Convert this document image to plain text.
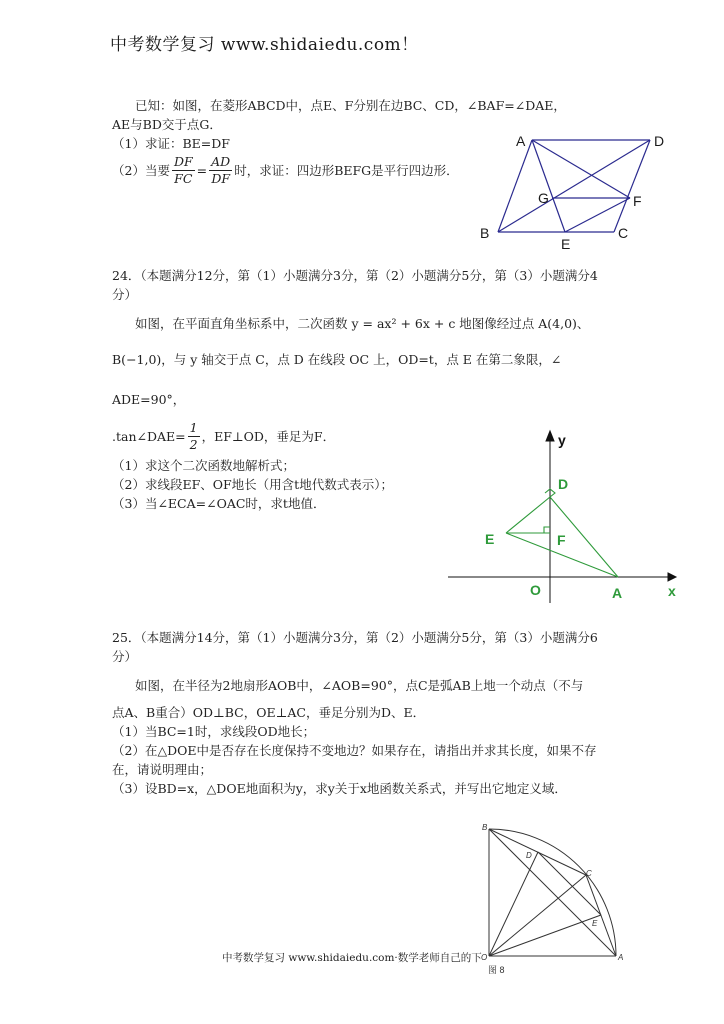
中考数学复习 www.shidaiedu.com！
已知：如图，在菱形ABCD中，点E、F分别在边BC、CD，∠BAF=∠DAE，
AE与BD交于点G．
（1）求证：BE=DF
（2）当要 $\frac{DF}{FC} = \frac{AD}{DF}$ 时，求证：四边形BEFG是平行四边形．
A	D
G	F
B
E
C
24．（本题满分12分，第（1）小题满分3分，第（2）小题满分5分，第（3）小题满分4
分）
如图，在平面直角坐标系中，二次函数 y = ax² + 6x + c 地图像经过点 A(4,0)、
B(−1,0)，与 y 轴交于点 C，点 D 在线段 OC 上，OD=t，点 E 在第二象限，∠
ADE=90°，
.tan∠DAE= $\frac{1}{2}$ ，EF⊥OD，垂足为F．
（1）求这个二次函数地解析式；
（2）求线段EF、OF地长（用含t地代数式表示）；
（3）当∠ECA=∠OAC时，求t地值．
y
D
E	F
O	A	x
25．（本题满分14分，第（1）小题满分3分，第（2）小题满分5分，第（3）小题满分6
分）
如图，在半径为2地扇形AOB中，∠AOB=90°，点C是弧AB上地一个动点（不与
点A、B重合）OD⊥BC，OE⊥AC，垂足分别为D、E．
（1）当BC=1时，求线段OD地长；
（2）在△DOE中是否存在长度保持不变地边？如果存在，请指出并求其长度，如果不存
在，请说明理由；
（3）设BD=x，△DOE地面积为y，求y关于x地函数关系式，并写出它地定义域．
B
D
C
E
O	A
图 8
中考数学复习 www.shidaiedu.com·数学老师自己的下
